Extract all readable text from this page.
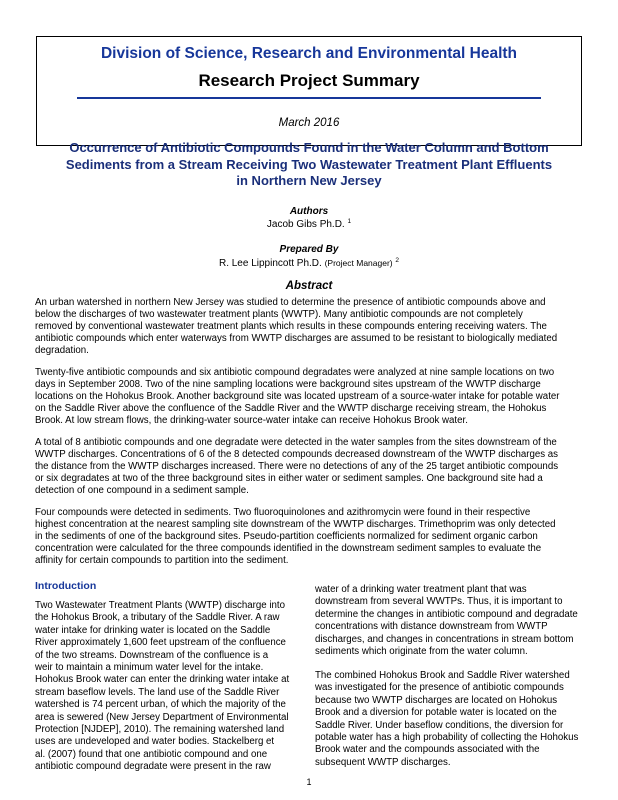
Division of Science, Research and Environmental Health
Research Project Summary
March 2016
Occurrence of Antibiotic Compounds Found in the Water Column and Bottom
Sediments from a Stream Receiving Two Wastewater Treatment Plant Effluents
in Northern New Jersey
Authors
Jacob Gibs Ph.D. $^1$
Prepared By
R. Lee Lippincott Ph.D. (Project Manager) $^2$
Abstract
An urban watershed in northern New Jersey was studied to determine the presence of antibiotic compounds above and
below the discharges of two wastewater treatment plants (WWTP). Many antibiotic compounds are not completely
removed by conventional wastewater treatment plants which results in these compounds entering receiving waters. The
antibiotic compounds which enter waterways from WWTP discharges are assumed to be resistant to biologically mediated
degradation.
Twenty-five antibiotic compounds and six antibiotic compound degradates were analyzed at nine sample locations on two
days in September 2008. Two of the nine sampling locations were background sites upstream of the WWTP discharge
locations on the Hohokus Brook. Another background site was located upstream of a source-water intake for potable water
on the Saddle River above the confluence of the Saddle River and the WWTP discharge receiving stream, the Hohokus
Brook. At low stream flows, the drinking-water source-water intake can receive Hohokus Brook water.
A total of 8 antibiotic compounds and one degradate were detected in the water samples from the sites downstream of the
WWTP discharges. Concentrations of 6 of the 8 detected compounds decreased downstream of the WWTP discharges as
the distance from the WWTP discharges increased. There were no detections of any of the 25 target antibiotic compounds
or six degradates at two of the three background sites in either water or sediment samples. One background site had a
detection of one compound in a sediment sample.
Four compounds were detected in sediments. Two fluoroquinolones and azithromycin were found in their respective
highest concentration at the nearest sampling site downstream of the WWTP discharges. Trimethoprim was only detected
in the sediments of one of the background sites. Pseudo-partition coefficients normalized for sediment organic carbon
concentration were calculated for the three compounds identified in the downstream sediment samples to evaluate the
affinity for certain compounds to partition into the sediment.
Introduction
Two Wastewater Treatment Plants (WWTP) discharge into
the Hohokus Brook, a tributary of the Saddle River. A raw
water intake for drinking water is located on the Saddle
River approximately 1,600 feet upstream of the confluence
of the two streams. Downstream of the confluence is a
weir to maintain a minimum water level for the intake.
Hohokus Brook water can enter the drinking water intake at
stream baseflow levels. The land use of the Saddle River
watershed is 74 percent urban, of which the majority of the
area is sewered (New Jersey Department of Environmental
Protection [NJDEP], 2010). The remaining watershed land
uses are undeveloped and water bodies. Stackelberg et
al. (2007) found that one antibiotic compound and one
antibiotic compound degradate were present in the raw
water of a drinking water treatment plant that was
downstream from several WWTPs. Thus, it is important to
determine the changes in antibiotic compound and degradate
concentrations with distance downstream from WWTP
discharges, and changes in concentrations in stream bottom
sediments which originate from the water column.
The combined Hohokus Brook and Saddle River watershed
was investigated for the presence of antibiotic compounds
because two WWTP discharges are located on Hohokus
Brook and a diversion for potable water is located on the
Saddle River. Under baseflow conditions, the diversion for
potable water has a high probability of collecting the Hohokus
Brook water and the compounds associated with the
subsequent WWTP discharges.
1
